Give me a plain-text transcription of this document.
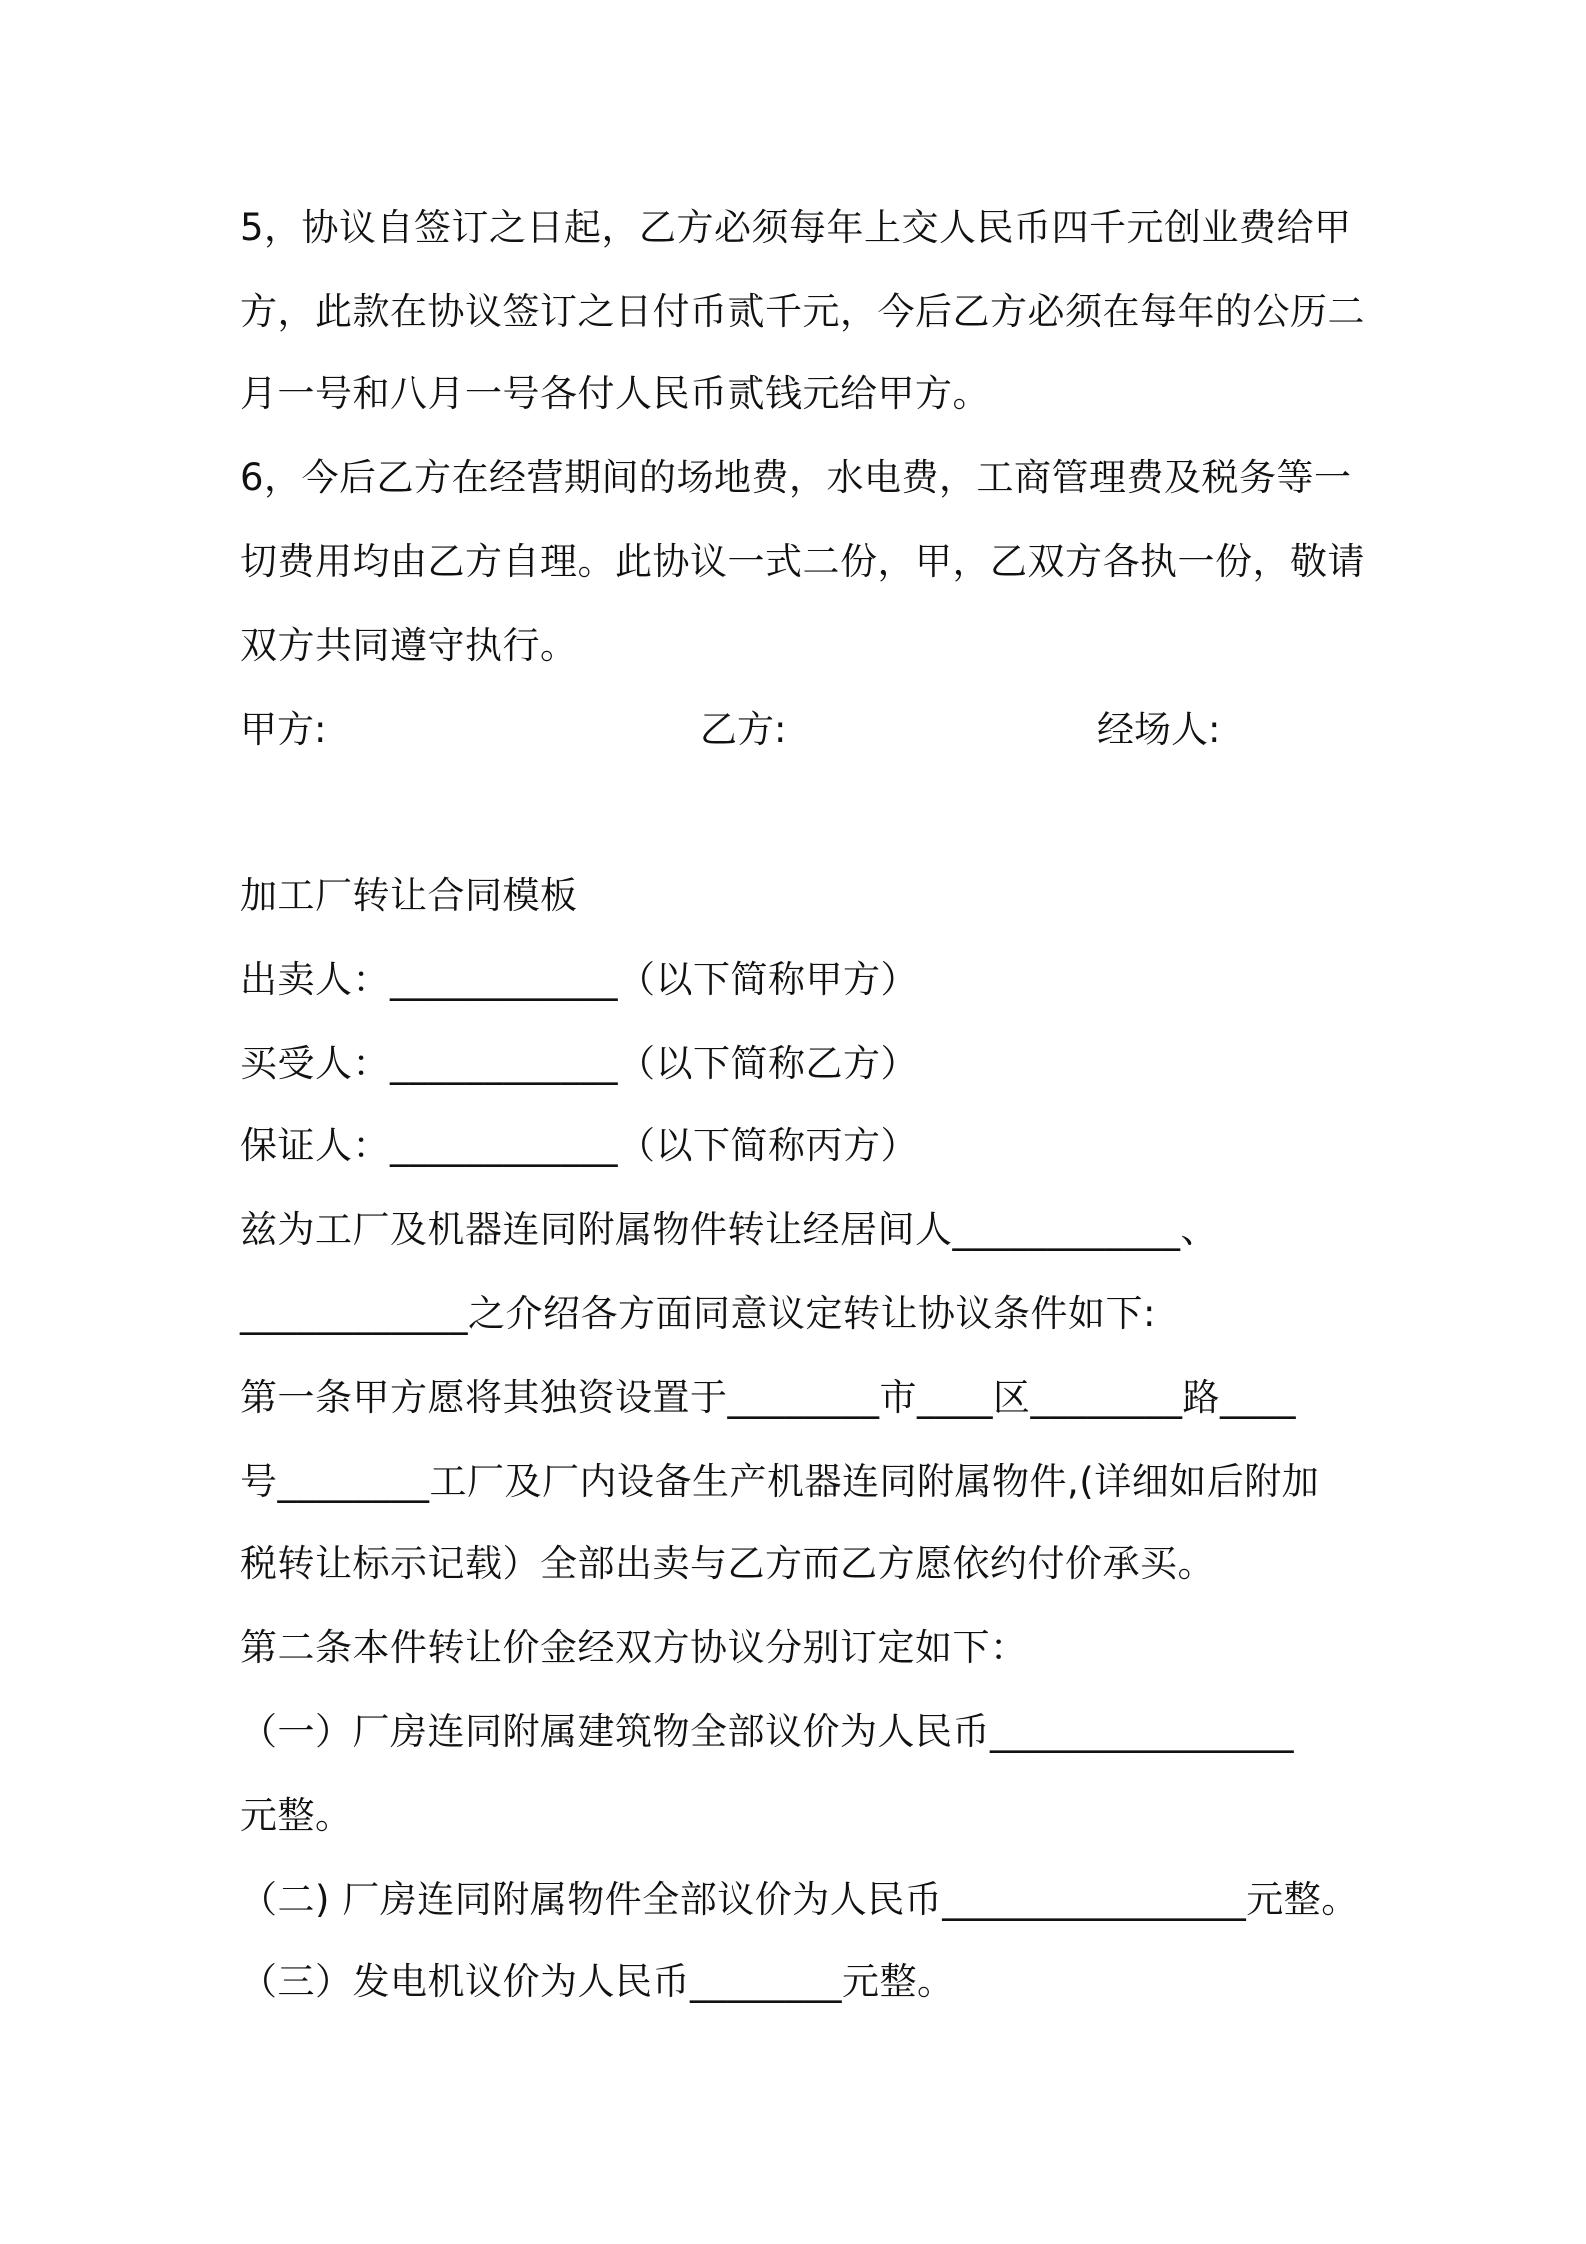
5，协议自签订之日起，乙方必须每年上交人民币四千元创业费给甲
方，此款在协议签订之日付币贰千元，今后乙方必须在每年的公历二
月一号和八月一号各付人民币贰钱元给甲方。
6，今后乙方在经营期间的场地费，水电费，工商管理费及税务等一
切费用均由乙方自理。此协议一式二份，甲，乙双方各执一份，敬请
双方共同遵守执行。
甲方:	乙方:	经场人:
加工厂转让合同模板
出卖人：____________（以下简称甲方）
买受人：____________（以下简称乙方）
保证人：____________（以下简称丙方）
兹为工厂及机器连同附属物件转让经居间人____________、
____________之介绍各方面同意议定转让协议条件如下:
第一条甲方愿将其独资设置于________市____区________路____
号________工厂及厂内设备生产机器连同附属物件,(详细如后附加
税转让标示记载）全部出卖与乙方而乙方愿依约付价承买。
第二条本件转让价金经双方协议分别订定如下：
（一）厂房连同附属建筑物全部议价为人民币________________
元整。
（二) 厂房连同附属物件全部议价为人民币________________元整。
（三）发电机议价为人民币________元整。
